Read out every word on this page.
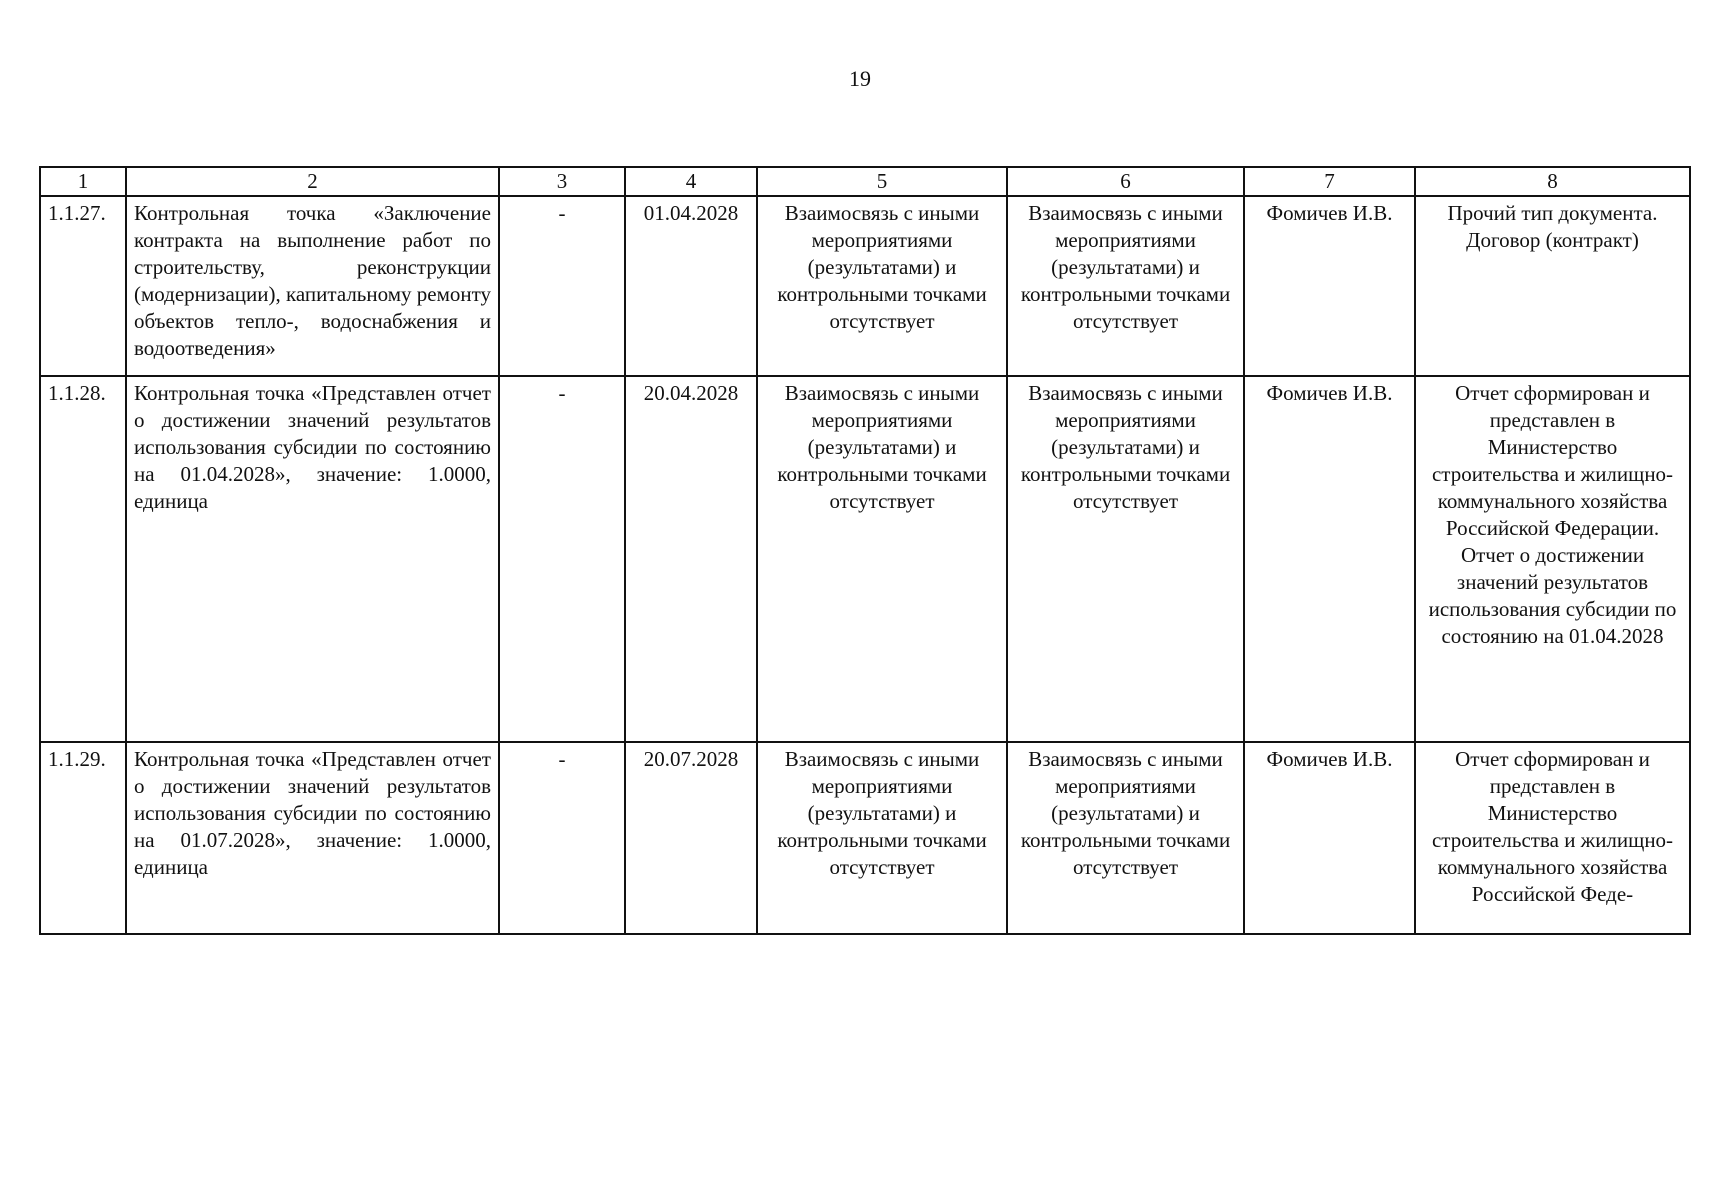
19
1	2	3	4	5	6	7	8
1.1.27.	Контрольная точка «Заключение контракта на выполнение работ по строительству, реконструкции (модернизации), капитальному ремонту объектов тепло-, водоснабжения и водоотведения»	-	01.04.2028	Взаимосвязь с иными мероприятиями (результатами) и контрольными точками отсутствует	Взаимосвязь с иными мероприятиями (результатами) и контрольными точками отсутствует	Фомичев И.В.	Прочий тип документа. Договор (контракт)
1.1.28.	Контрольная точка «Представлен отчет о достижении значений результатов использования субсидии по состоянию на 01.04.2028», значение: 1.0000, единица	-	20.04.2028	Взаимосвязь с иными мероприятиями (результатами) и контрольными точками отсутствует	Взаимосвязь с иными мероприятиями (результатами) и контрольными точками отсутствует	Фомичев И.В.	Отчет сформирован и представлен в Министерство строительства и жилищно-коммунального хозяйства Российской Федерации. Отчет о достижении значений результатов использования субсидии по состоянию на 01.04.2028
1.1.29.	Контрольная точка «Представлен отчет о достижении значений результатов использования субсидии по состоянию на 01.07.2028», значение: 1.0000, единица	-	20.07.2028	Взаимосвязь с иными мероприятиями (результатами) и контрольными точками отсутствует	Взаимосвязь с иными мероприятиями (результатами) и контрольными точками отсутствует	Фомичев И.В.	Отчет сформирован и представлен в Министерство строительства и жилищно-коммунального хозяйства Российской Феде-
